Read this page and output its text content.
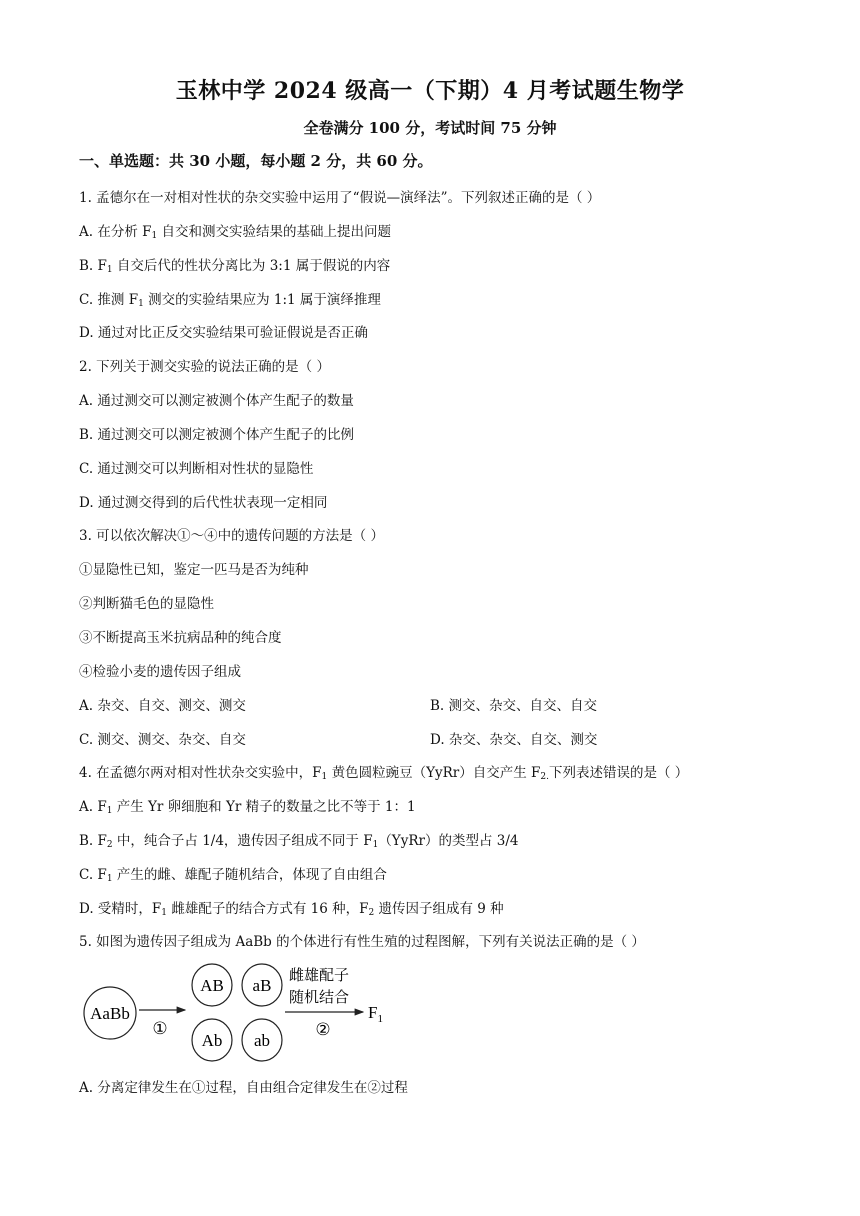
玉林中学 2024 级高一（下期）4 月考试题生物学
全卷满分 100 分，考试时间 75 分钟
一、单选题：共 30 小题，每小题 2 分，共 60 分。
1. 孟德尔在一对相对性状的杂交实验中运用了“假说—演绎法”。下列叙述正确的是（ ）
A. 在分析 $F_1$ 自交和测交实验结果的基础上提出问题
B. $F_1$ 自交后代的性状分离比为 3:1 属于假说的内容
C. 推测 $F_1$ 测交的实验结果应为 1:1 属于演绎推理
D. 通过对比正反交实验结果可验证假说是否正确
2. 下列关于测交实验的说法正确的是（ ）
A. 通过测交可以测定被测个体产生配子的数量
B. 通过测交可以测定被测个体产生配子的比例
C. 通过测交可以判断相对性状的显隐性
D. 通过测交得到的后代性状表现一定相同
3. 可以依次解决①～④中的遗传问题的方法是（ ）
①显隐性已知，鉴定一匹马是否为纯种
②判断猫毛色的显隐性
③不断提高玉米抗病品种的纯合度
④检验小麦的遗传因子组成
A. 杂交、自交、测交、测交	B. 测交、杂交、自交、自交
C. 测交、测交、杂交、自交	D. 杂交、杂交、自交、测交
4. 在孟德尔两对相对性状杂交实验中，$F_1$ 黄色圆粒豌豆（YyRr）自交产生 $F_{2.}$下列表述错误的是（ ）
A. $F_1$ 产生 Yr 卵细胞和 Yr 精子的数量之比不等于 1：1
B. $F_2$ 中，纯合子占 1/4，遗传因子组成不同于 $F_1(YyRr)$的类型占 3/4
C. $F_1$ 产生的雌、雄配子随机结合，体现了自由组合
D. 受精时，$F_1$ 雌雄配子的结合方式有 16 种，$F_2$ 遗传因子组成有 9 种
5. 如图为遗传因子组成为 AaBb 的个体进行有性生殖的过程图解，下列有关说法正确的是（ ）
AaBb
①
AB aB
Ab ab
雌雄配子
随机结合
②
$F_1$
A. 分离定律发生在①过程，自由组合定律发生在②过程
